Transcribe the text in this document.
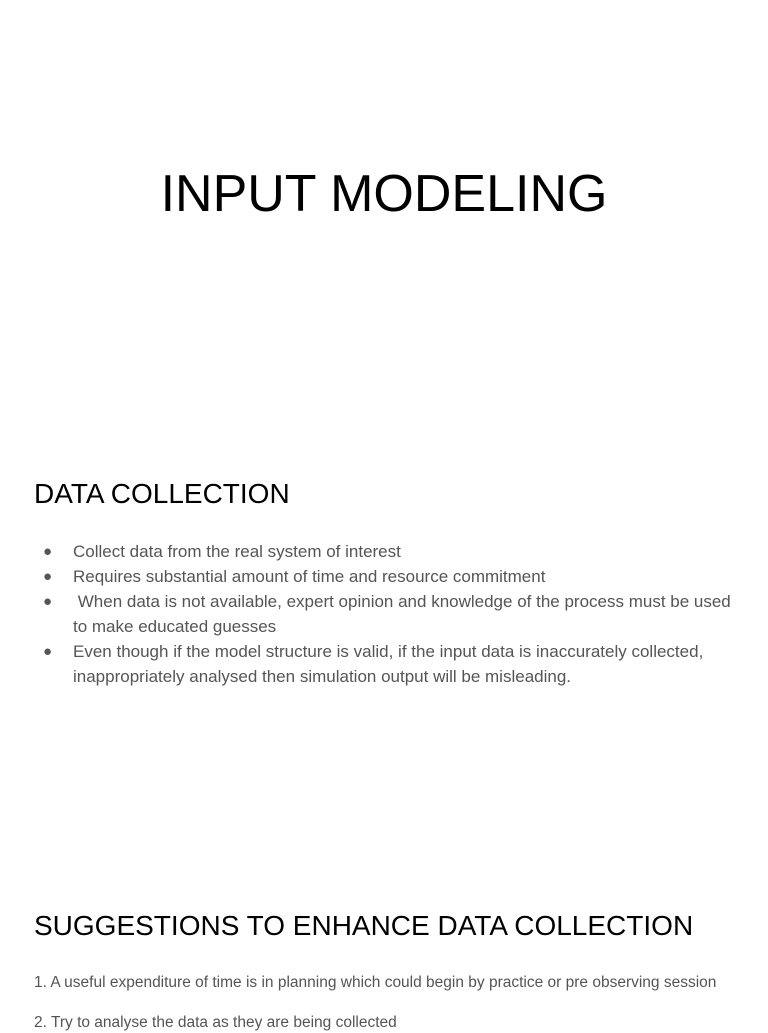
INPUT MODELING
DATA COLLECTION
● Collect data from the real system of interest
● Requires substantial amount of time and resource commitment
● When data is not available, expert opinion and knowledge of the process must be used to make educated guesses
● Even though if the model structure is valid, if the input data is inaccurately collected, inappropriately analysed then simulation output will be misleading.
SUGGESTIONS TO ENHANCE DATA COLLECTION

1. A useful expenditure of time is in planning which could begin by practice or pre observing session

2. Try to analyse the data as they are being collected
